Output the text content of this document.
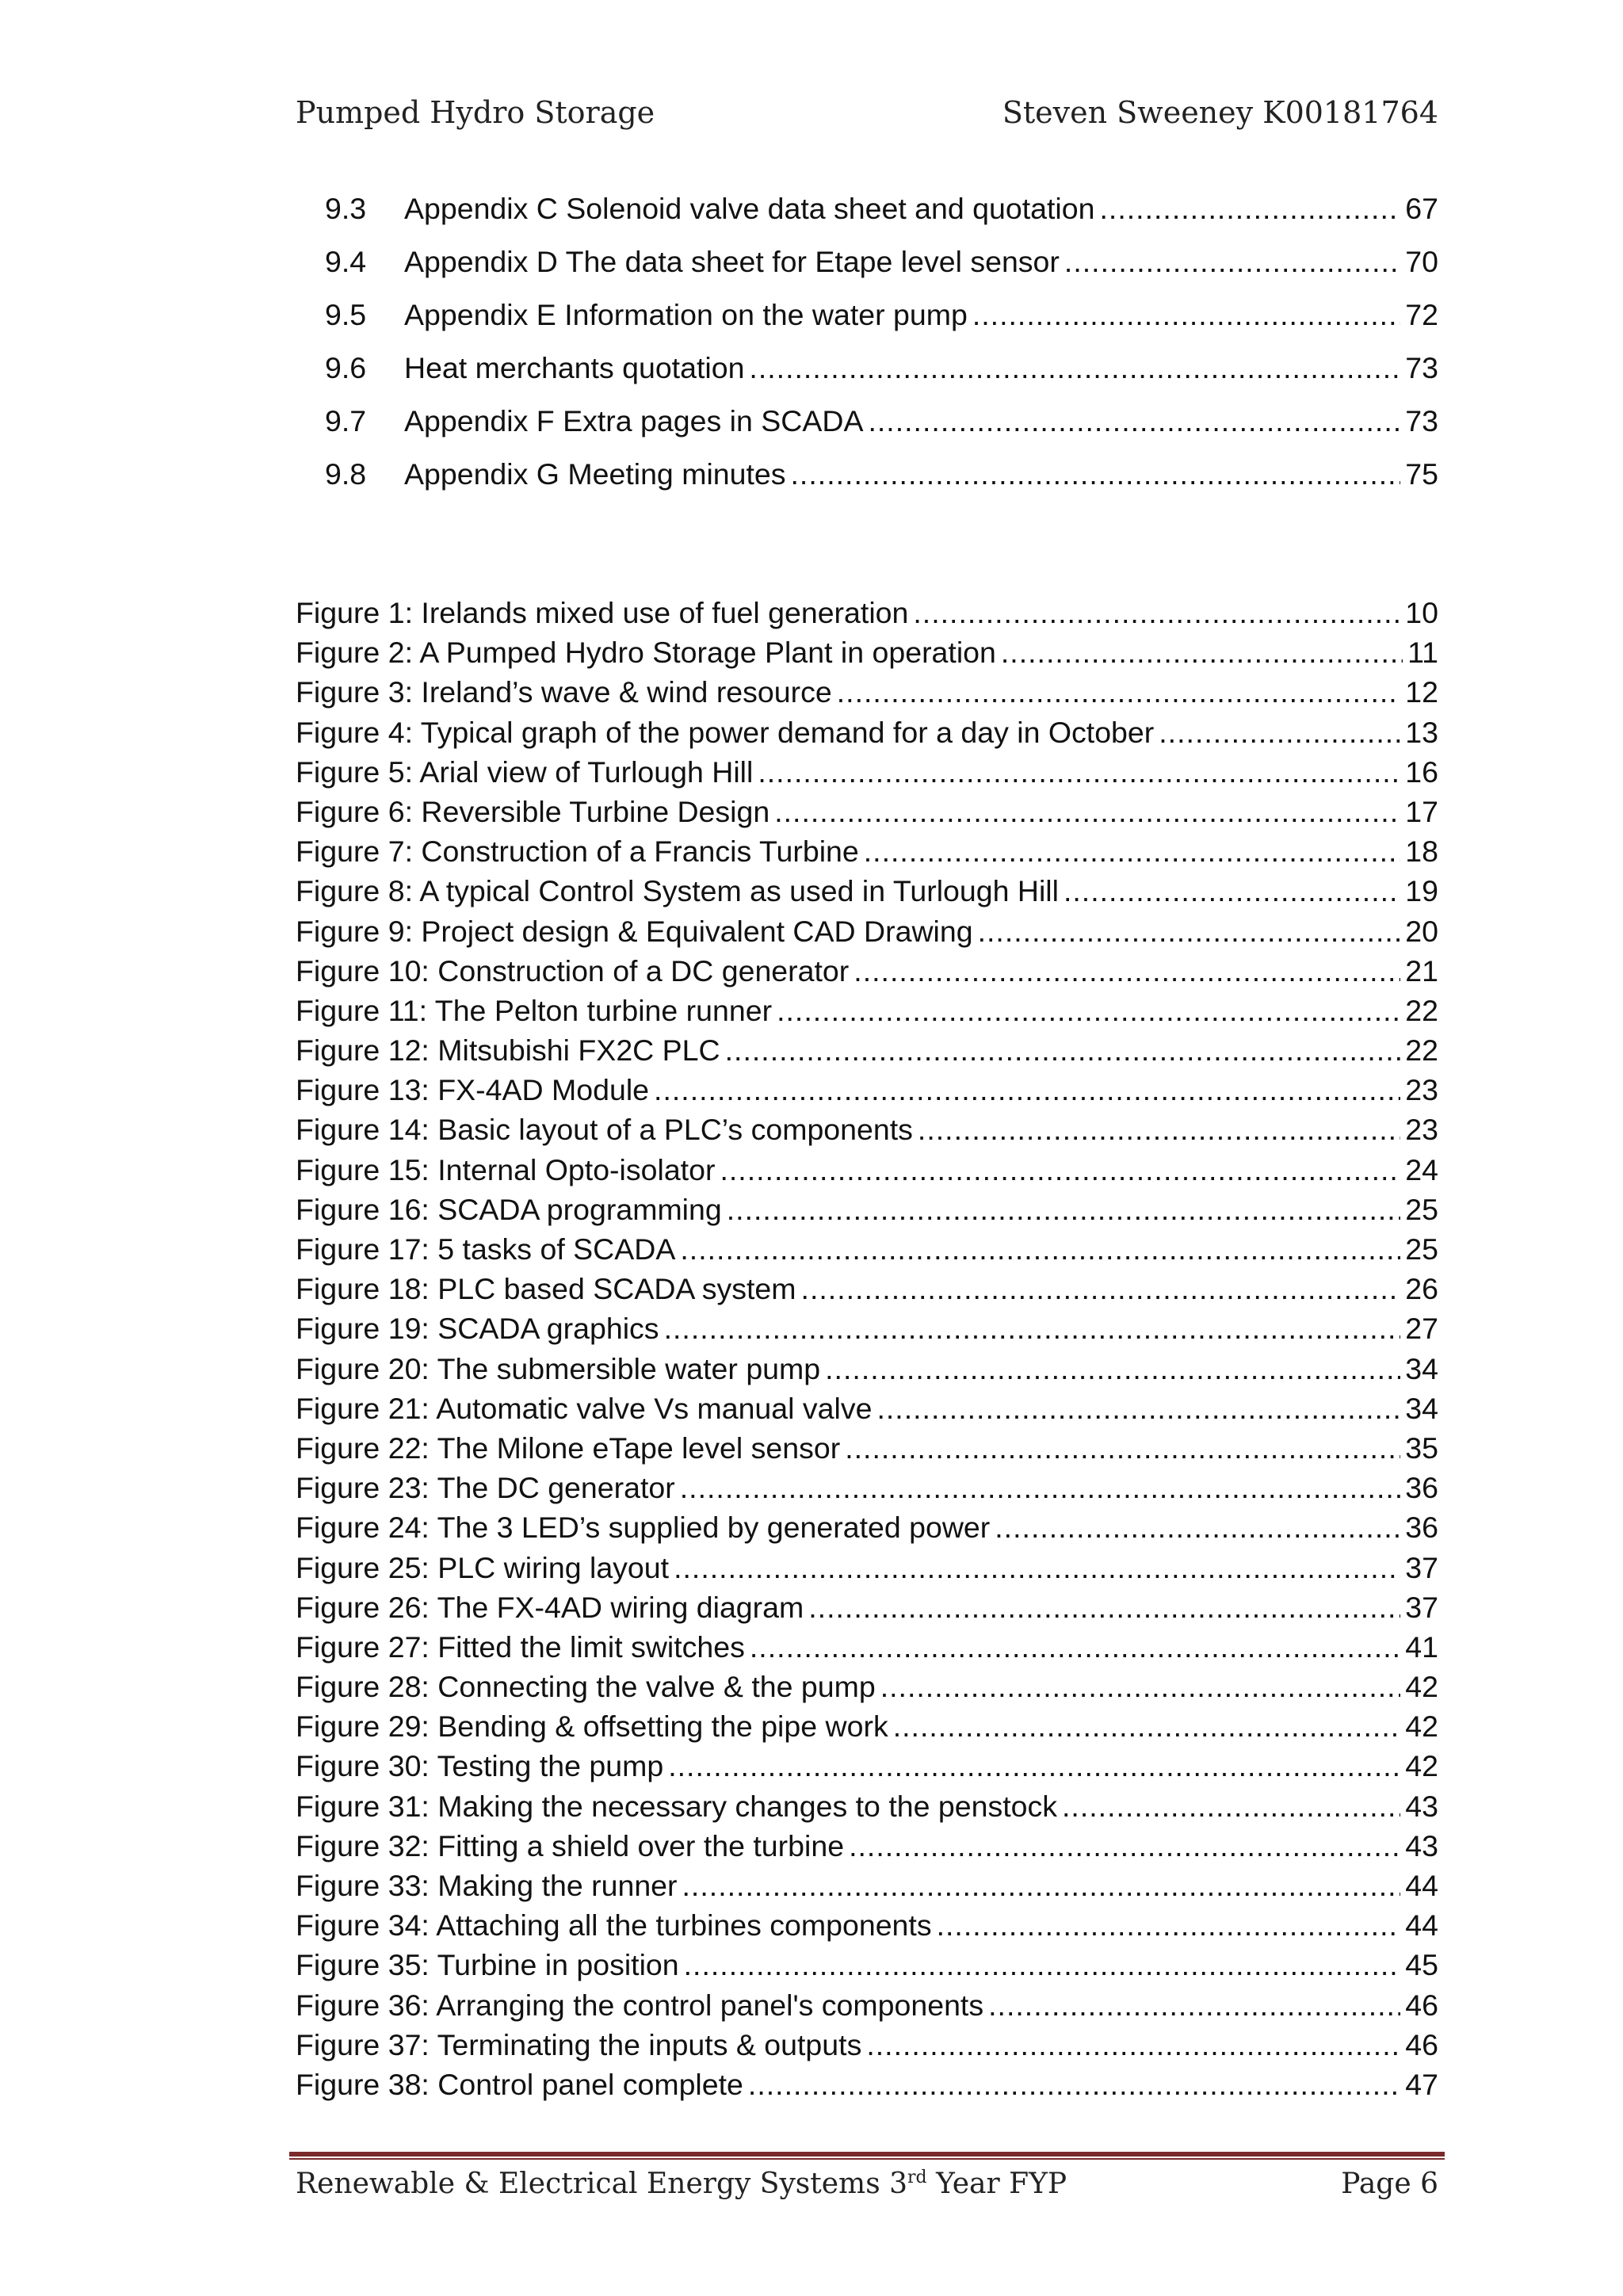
Pumped Hydro Storage	Steven Sweeney K00181764
9.3 Appendix C Solenoid valve data sheet and quotation .....	67
9.4 Appendix D The data sheet for Etape level sensor .....	70
9.5 Appendix E Information on the water pump .....	72
9.6 Heat merchants quotation .....	73
9.7 Appendix F Extra pages in SCADA .....	73
9.8 Appendix G Meeting minutes .....	75
Figure 1: Irelands mixed use of fuel generation .....	10
Figure 2: A Pumped Hydro Storage Plant in operation .....	11
Figure 3: Ireland’s wave & wind resource .....	12
Figure 4: Typical graph of the power demand for a day in October .....	13
Figure 5: Arial view of Turlough Hill .....	16
Figure 6: Reversible Turbine Design .....	17
Figure 7: Construction of a Francis Turbine .....	18
Figure 8: A typical Control System as used in Turlough Hill .....	19
Figure 9: Project design & Equivalent CAD Drawing .....	20
Figure 10: Construction of a DC generator .....	21
Figure 11: The Pelton turbine runner .....	22
Figure 12: Mitsubishi FX2C PLC .....	22
Figure 13: FX-4AD Module .....	23
Figure 14: Basic layout of a PLC’s components .....	23
Figure 15: Internal Opto-isolator .....	24
Figure 16: SCADA programming .....	25
Figure 17: 5 tasks of SCADA .....	25
Figure 18: PLC based SCADA system .....	26
Figure 19: SCADA graphics .....	27
Figure 20: The submersible water pump .....	34
Figure 21: Automatic valve Vs manual valve .....	34
Figure 22: The Milone eTape level sensor .....	35
Figure 23: The DC generator .....	36
Figure 24: The 3 LED’s supplied by generated power .....	36
Figure 25: PLC wiring layout .....	37
Figure 26: The FX-4AD wiring diagram .....	37
Figure 27: Fitted the limit switches .....	41
Figure 28: Connecting the valve & the pump .....	42
Figure 29: Bending & offsetting the pipe work .....	42
Figure 30: Testing the pump .....	42
Figure 31: Making the necessary changes to the penstock .....	43
Figure 32: Fitting a shield over the turbine .....	43
Figure 33: Making the runner .....	44
Figure 34: Attaching all the turbines components .....	44
Figure 35: Turbine in position .....	45
Figure 36: Arranging the control panel's components .....	46
Figure 37: Terminating the inputs & outputs .....	46
Figure 38: Control panel complete .....	47
Renewable & Electrical Energy Systems 3rd Year FYP	Page 6
